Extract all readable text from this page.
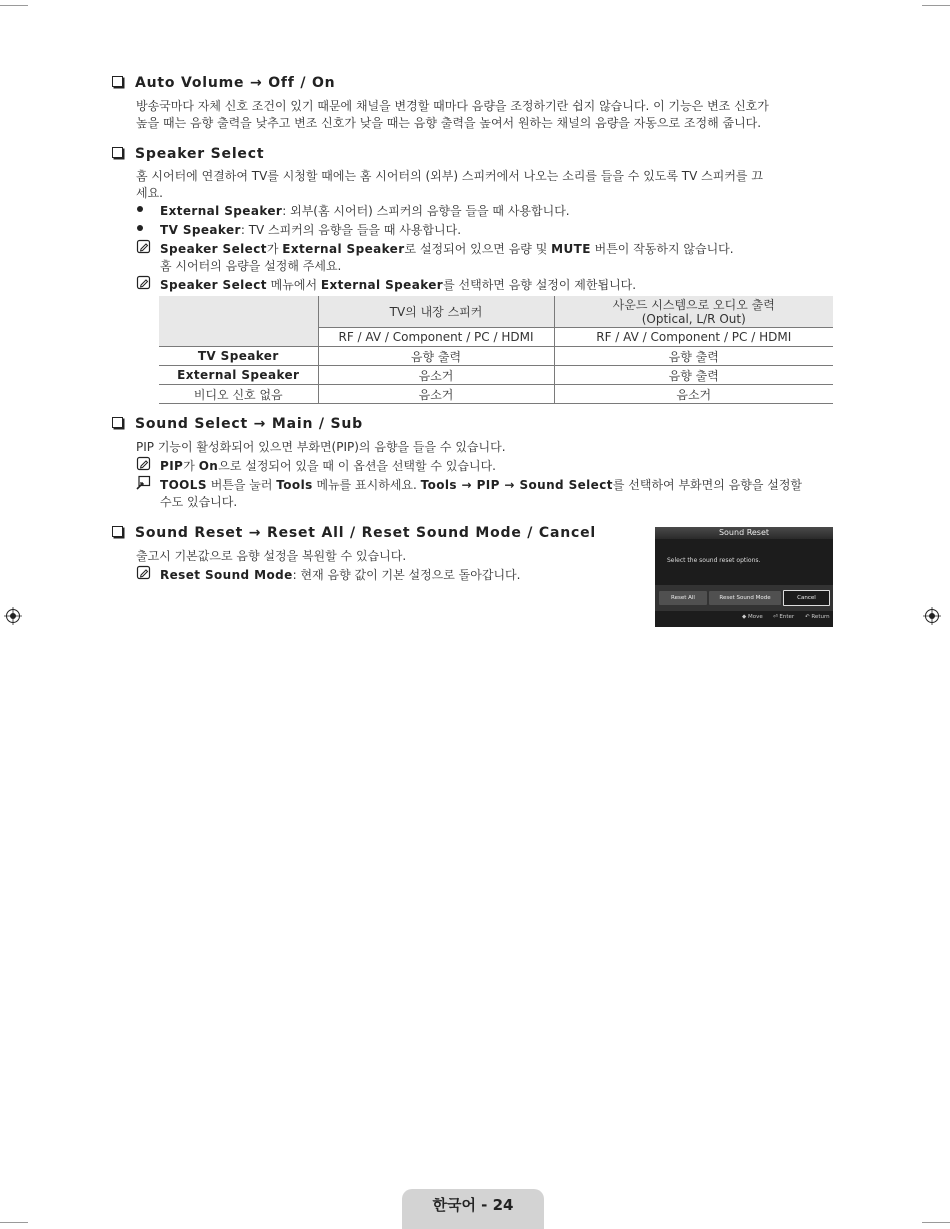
Auto Volume → Off / On
방송국마다 자체 신호 조건이 있기 때문에 채널을 변경할 때마다 음량을 조정하기란 쉽지 않습니다. 이 기능은 변조 신호가
높을 때는 음향 출력을 낮추고 변조 신호가 낮을 때는 음향 출력을 높여서 원하는 채널의 음량을 자동으로 조정해 줍니다.
Speaker Select
홈 시어터에 연결하여 TV를 시청할 때에는 홈 시어터의 (외부) 스피커에서 나오는 소리를 들을 수 있도록 TV 스피커를 끄
세요.
External Speaker: 외부(홈 시어터) 스피커의 음향을 들을 때 사용합니다.
TV Speaker: TV 스피커의 음향을 들을 때 사용합니다.
Speaker Select가 External Speaker로 설정되어 있으면 음량 및 MUTE 버튼이 작동하지 않습니다.
홈 시어터의 음량을 설정해 주세요.
Speaker Select 메뉴에서 External Speaker를 선택하면 음향 설정이 제한됩니다.
	TV의 내장 스피커	사운드 시스템으로 오디오 출력
(Optical, L/R Out)

	RF / AV / Component / PC / HDMI	RF / AV / Component / PC / HDMI
TV Speaker	음향 출력	음향 출력
External Speaker	음소거	음향 출력
비디오 신호 없음	음소거	음소거
Sound Select → Main / Sub
PIP 기능이 활성화되어 있으면 부화면(PIP)의 음향을 들을 수 있습니다.
PIP가 On으로 설정되어 있을 때 이 옵션을 선택할 수 있습니다.
TOOLS 버튼을 눌러 Tools 메뉴를 표시하세요. Tools → PIP → Sound Select를 선택하여 부화면의 음향을 설정할
수도 있습니다.
Sound Reset → Reset All / Reset Sound Mode / Cancel
출고시 기본값으로 음향 설정을 복원할 수 있습니다.
Reset Sound Mode: 현재 음향 값이 기본 설정으로 돌아갑니다.
Sound Reset
Select the sound reset options.
Reset All	Reset Sound Mode	Cancel
◆ Move ⏎ Enter ↶ Return
한국어 - 24
